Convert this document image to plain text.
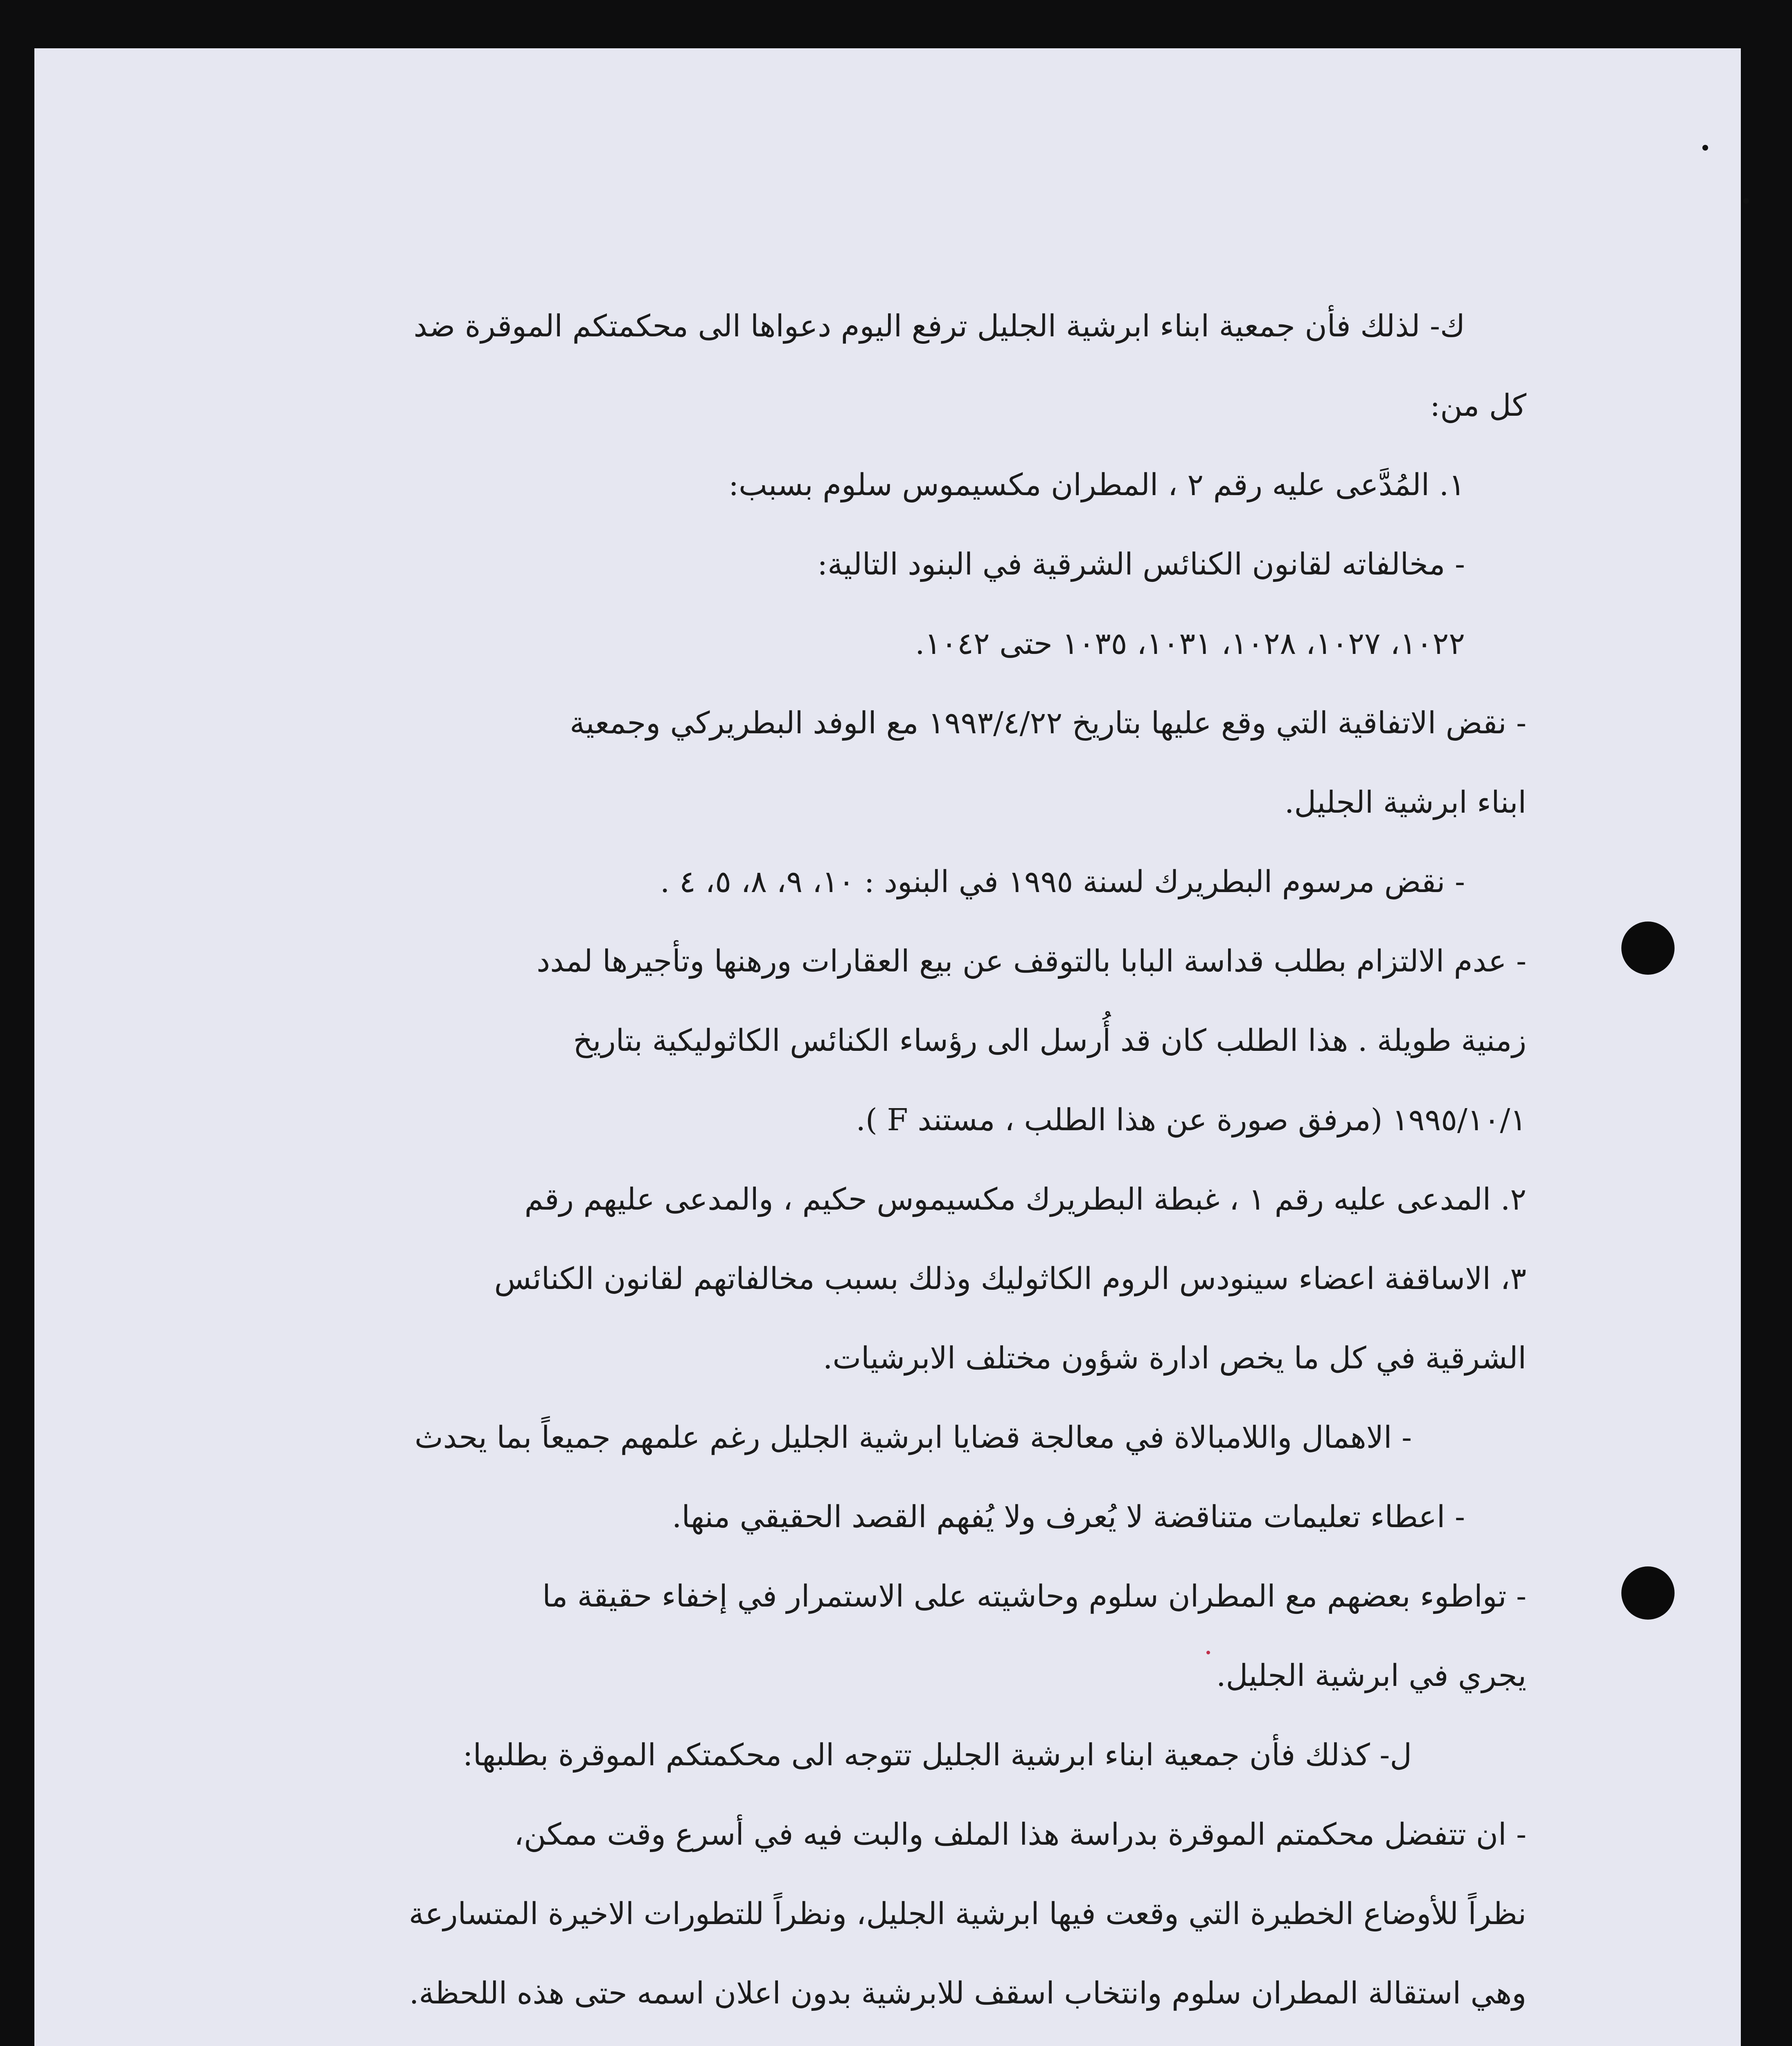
ك- لذلك فأن جمعية ابناء ابرشية الجليل ترفع اليوم دعواها الى محكمتكم الموقرة ضد
كل من:
١. المُدَّعى عليه رقم ٢ ، المطران مكسيموس سلوم بسبب:
- مخالفاته لقانون الكنائس الشرقية في البنود التالية:
١٠٢٢، ١٠٢٧، ١٠٢٨، ١٠٣١، ١٠٣٥ حتى ١٠٤٢.
- نقض الاتفاقية التي وقع عليها بتاريخ ١٩٩٣/٤/٢٢ مع الوفد البطريركي وجمعية
ابناء ابرشية الجليل.
- نقض مرسوم البطريرك لسنة ١٩٩٥ في البنود : ١٠، ٩، ٨، ٥، ٤ .
- عدم الالتزام بطلب قداسة البابا بالتوقف عن بيع العقارات ورهنها وتأجيرها لمدد
زمنية طويلة . هذا الطلب كان قد أُرسل الى رؤساء الكنائس الكاثوليكية بتاريخ
١٩٩٥/١٠/١ (مرفق صورة عن هذا الطلب ، مستند F ).
٢. المدعى عليه رقم ١ ، غبطة البطريرك مكسيموس حكيم ، والمدعى عليهم رقم
٣، الاساقفة اعضاء سينودس الروم الكاثوليك وذلك بسبب مخالفاتهم لقانون الكنائس
الشرقية في كل ما يخص ادارة شؤون مختلف الابرشيات.
- الاهمال واللامبالاة في معالجة قضايا ابرشية الجليل رغم علمهم جميعاً بما يحدث
- اعطاء تعليمات متناقضة لا يُعرف ولا يُفهم القصد الحقيقي منها.
- تواطوء بعضهم مع المطران سلوم وحاشيته على الاستمرار في إخفاء حقيقة ما
يجري في ابرشية الجليل.
ل- كذلك فأن جمعية ابناء ابرشية الجليل تتوجه الى محكمتكم الموقرة بطلبها:
- ان تتفضل محكمتم الموقرة بدراسة هذا الملف والبت فيه في أسرع وقت ممكن،
نظراً للأوضاع الخطيرة التي وقعت فيها ابرشية الجليل، ونظراً للتطورات الاخيرة المتسارعة
وهي استقالة المطران سلوم وانتخاب اسقف للابرشية بدون اعلان اسمه حتى هذه اللحظة.
